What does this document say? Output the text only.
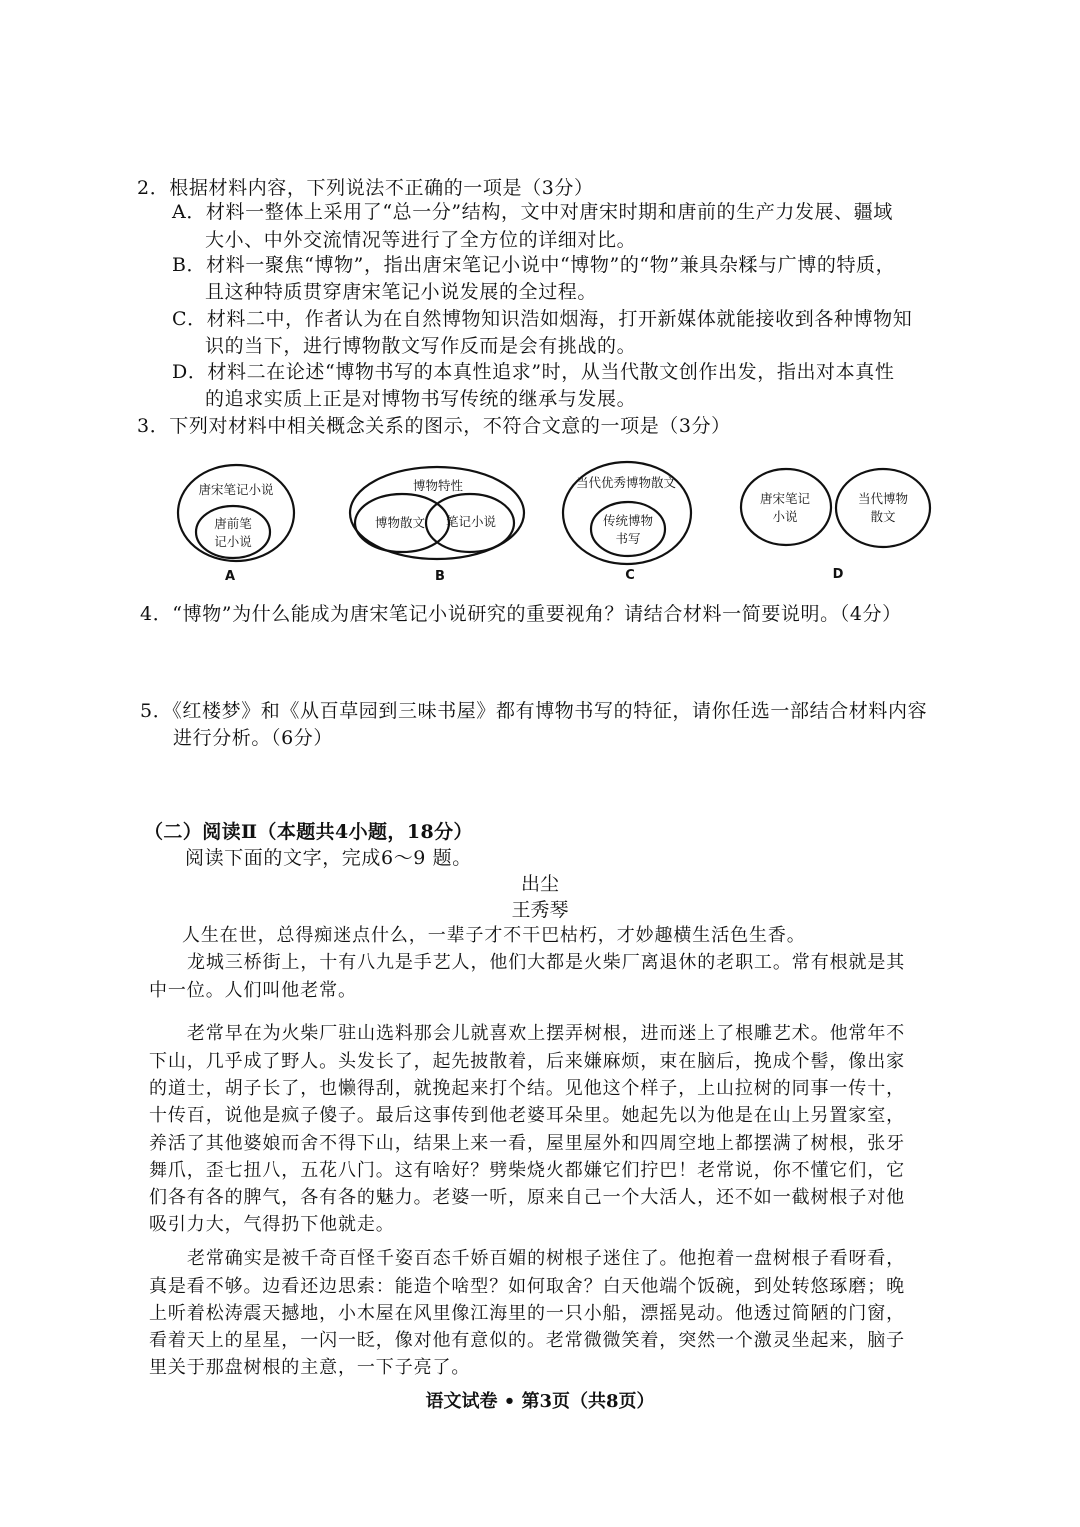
2．根据材料内容，下列说法不正确的一项是（3分）
A．材料一整体上采用了“总一分”结构，文中对唐宋时期和唐前的生产力发展、疆域
大小、中外交流情况等进行了全方位的详细对比。
B．材料一聚焦“博物”，指出唐宋笔记小说中“博物”的“物”兼具杂糅与广博的特质，
且这种特质贯穿唐宋笔记小说发展的全过程。
C．材料二中，作者认为在自然博物知识浩如烟海，打开新媒体就能接收到各种博物知
识的当下，进行博物散文写作反而是会有挑战的。
D．材料二在论述“博物书写的本真性追求”时，从当代散文创作出发，指出对本真性
的追求实质上正是对博物书写传统的继承与发展。
3．下列对材料中相关概念关系的图示，不符合文意的一项是（3分）
唐宋笔记小说
唐前笔
记小说
A
博物特性
博物散文 笔记小说
B
当代优秀博物散文
传统博物
书写
C
唐宋笔记
小说
当代博物
散文
D
4．“博物”为什么能成为唐宋笔记小说研究的重要视角？请结合材料一简要说明。（4分）
5．《红楼梦》和《从百草园到三味书屋》都有博物书写的特征，请你任选一部结合材料内容
进行分析。（6分）
（二）阅读Ⅱ（本题共4小题，18分）
阅读下面的文字，完成6～9 题。
出尘
王秀琴
人生在世，总得痴迷点什么，一辈子才不干巴枯朽，才妙趣横生活色生香。
龙城三桥街上，十有八九是手艺人，他们大都是火柴厂离退休的老职工。常有根就是其
中一位。人们叫他老常。
老常早在为火柴厂驻山选料那会儿就喜欢上摆弄树根，进而迷上了根雕艺术。他常年不
下山，几乎成了野人。头发长了，起先披散着，后来嫌麻烦，束在脑后，挽成个髻，像出家
的道士，胡子长了，也懒得刮，就挽起来打个结。见他这个样子，上山拉树的同事一传十，
十传百，说他是疯子傻子。最后这事传到他老婆耳朵里。她起先以为他是在山上另置家室，
养活了其他婆娘而舍不得下山，结果上来一看，屋里屋外和四周空地上都摆满了树根，张牙
舞爪，歪七扭八，五花八门。这有啥好？劈柴烧火都嫌它们拧巴！老常说，你不懂它们，它
们各有各的脾气，各有各的魅力。老婆一听，原来自己一个大活人，还不如一截树根子对他
吸引力大，气得扔下他就走。
老常确实是被千奇百怪千姿百态千娇百媚的树根子迷住了。他抱着一盘树根子看呀看，
真是看不够。边看还边思索：能造个啥型？如何取舍？白天他端个饭碗，到处转悠琢磨；晚
上听着松涛震天撼地，小木屋在风里像江海里的一只小船，漂摇晃动。他透过简陋的门窗，
看着天上的星星，一闪一眨，像对他有意似的。老常微微笑着，突然一个激灵坐起来，脑子
里关于那盘树根的主意，一下子亮了。
语文试卷 • 第3页（共8页）
